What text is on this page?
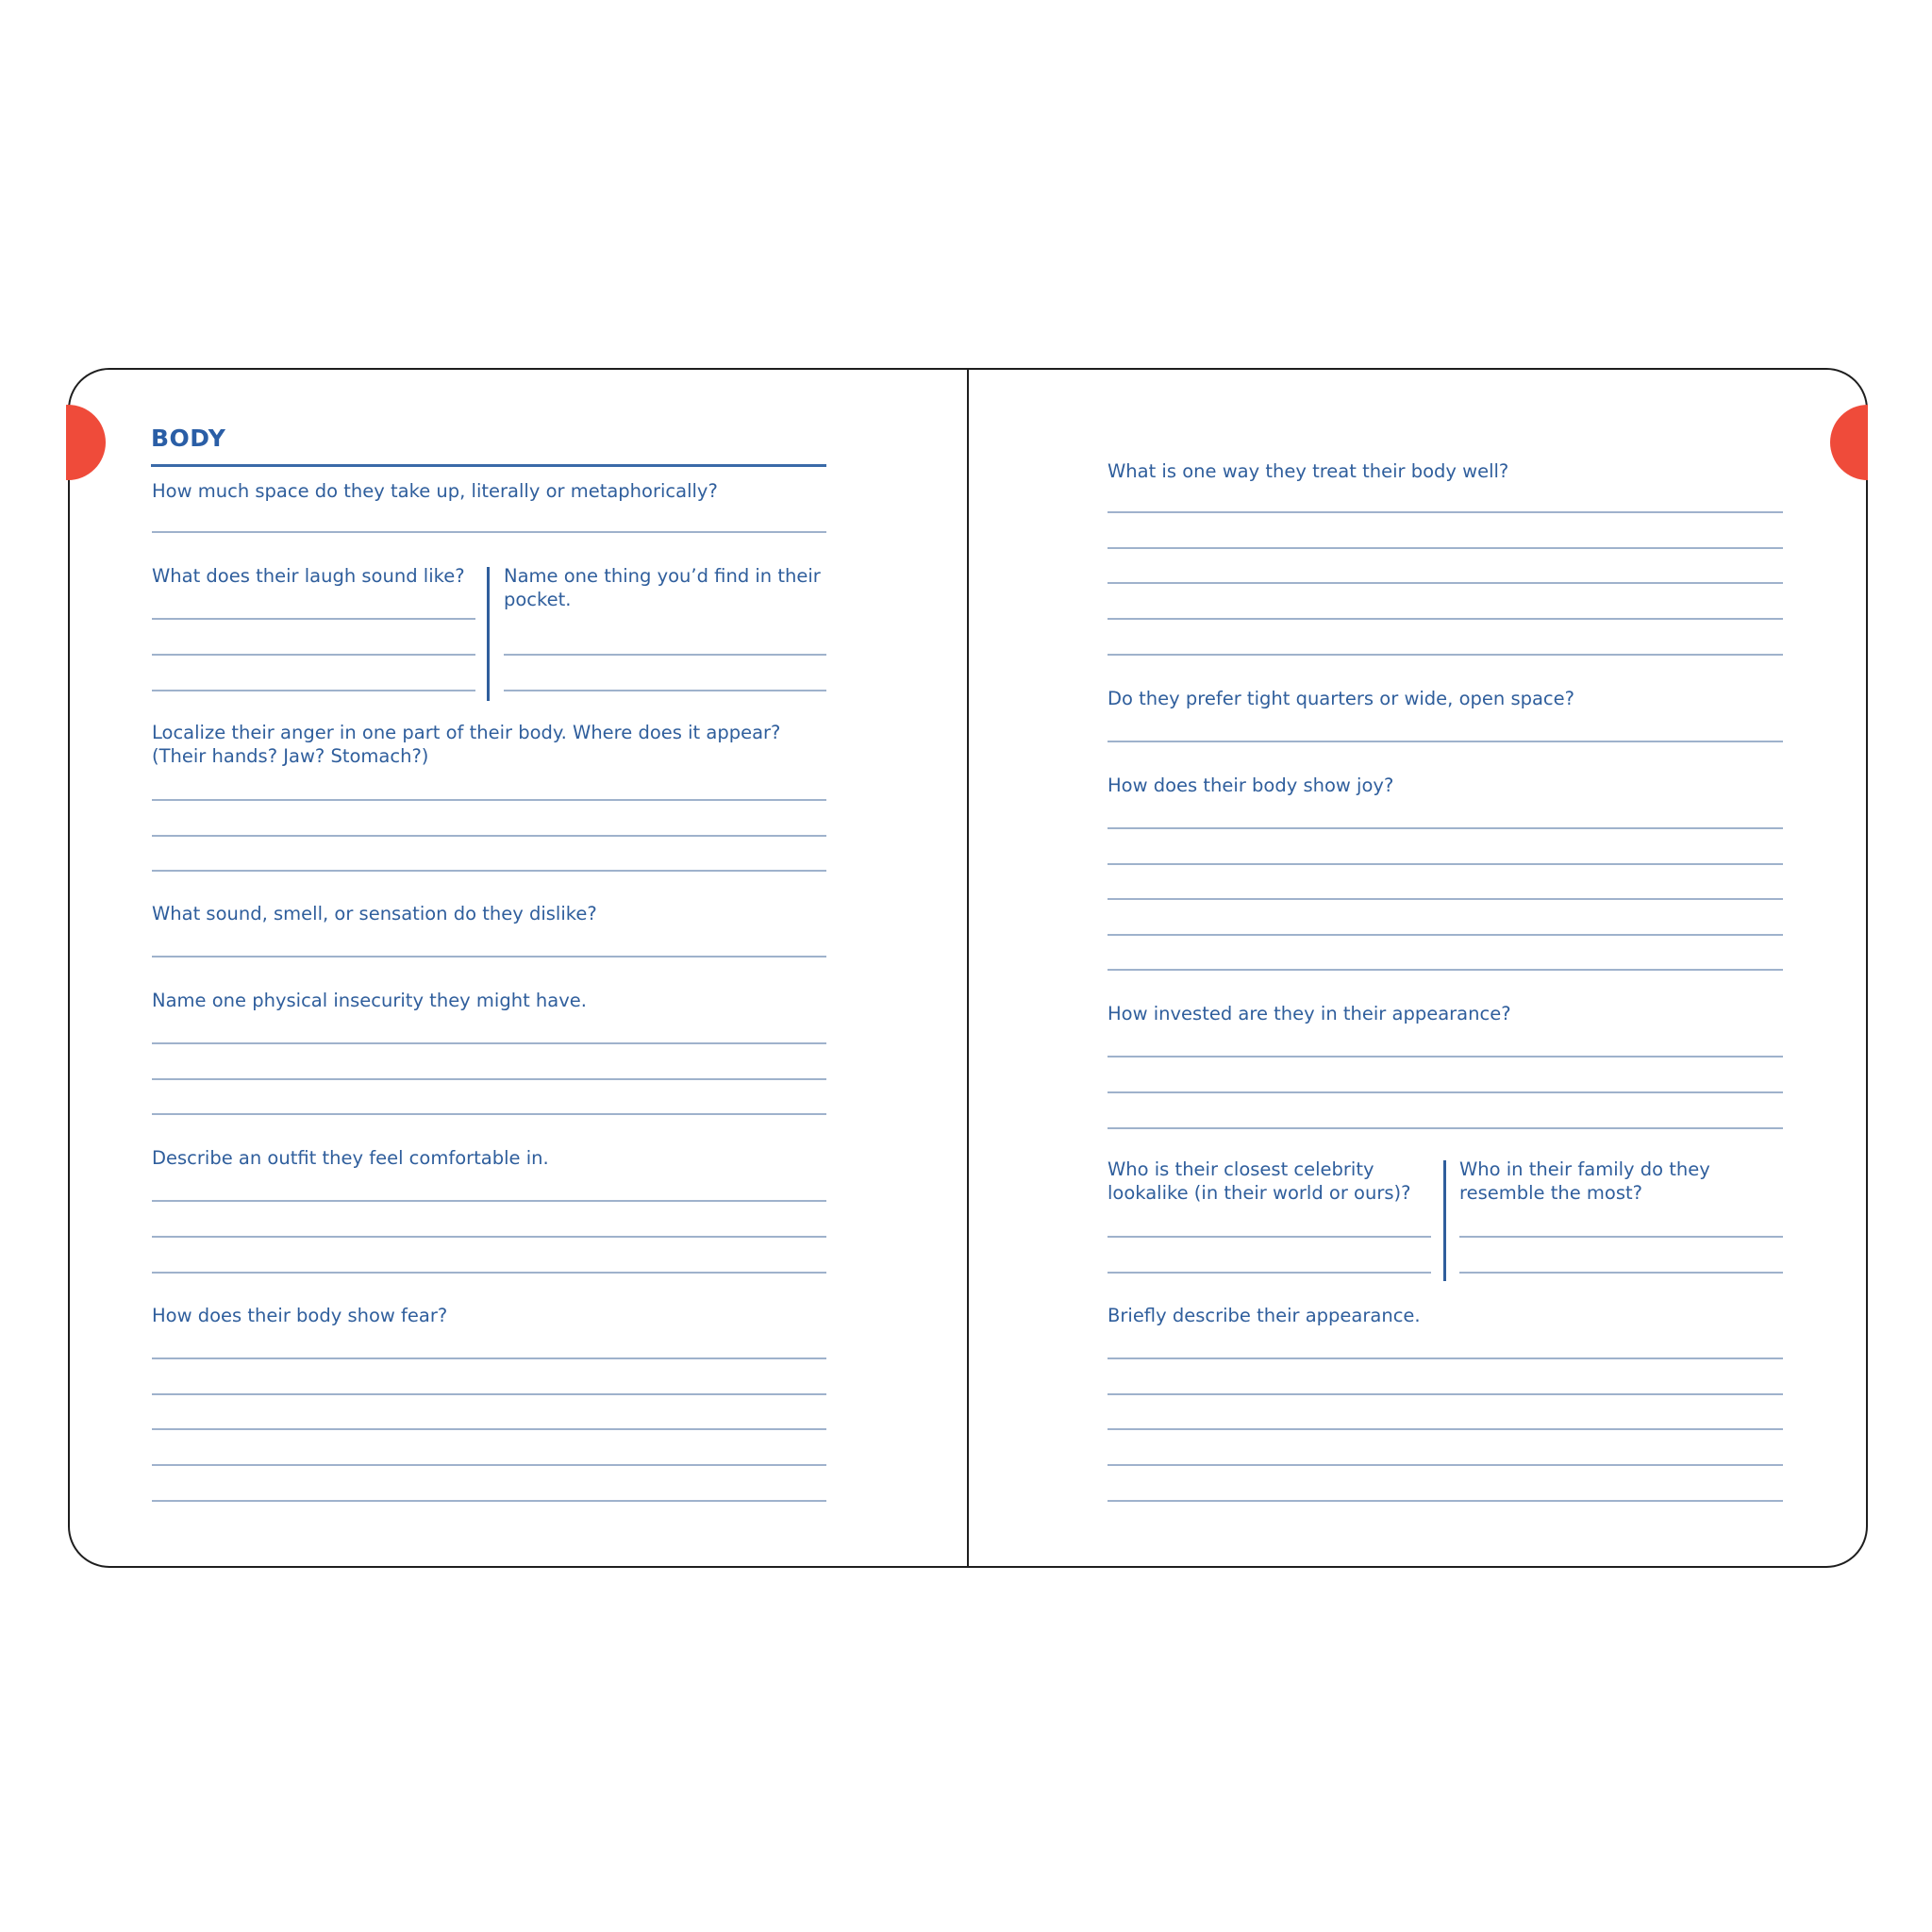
BODY

How much space do they take up, literally or metaphorically?

What does their laugh sound like? Name one thing you’d find in their pocket.

Localize their anger in one part of their body. Where does it appear? (Their hands? Jaw? Stomach?)

What sound, smell, or sensation do they dislike?

Name one physical insecurity they might have.

Describe an outfit they feel comfortable in.

How does their body show fear?

What is one way they treat their body well?

Do they prefer tight quarters or wide, open space?

How does their body show joy?

How invested are they in their appearance?

Who is their closest celebrity lookalike (in their world or ours)?

Who in their family do they resemble the most?

Briefly describe their appearance.
